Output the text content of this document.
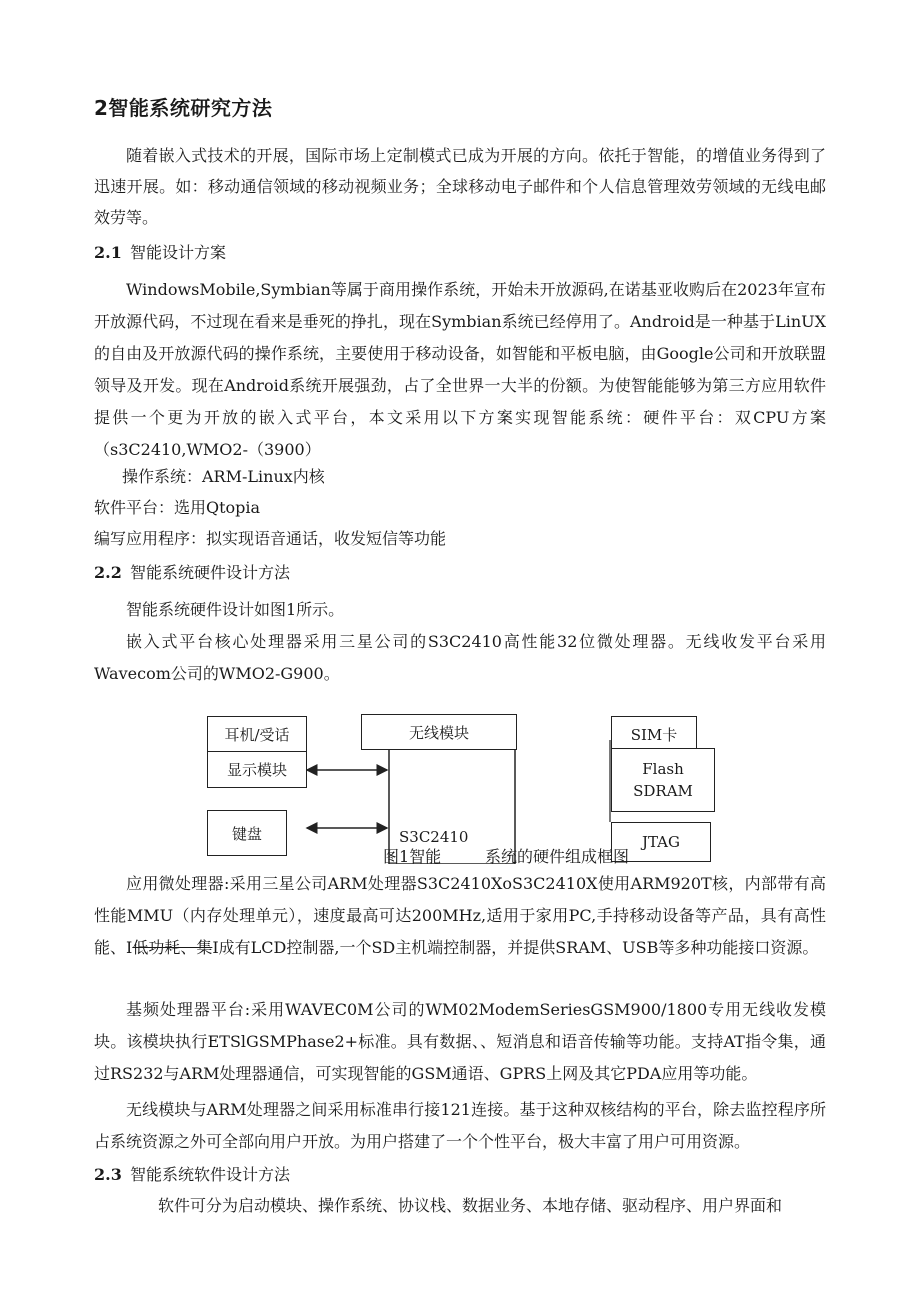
2智能系统研究方法

随着嵌入式技术的开展，国际市场上定制模式已成为开展的方向。依托于智能，的增值业务得到了迅速开展。如：移动通信领域的移动视频业务；全球移动电子邮件和个人信息管理效劳领域的无线电邮效劳等。

2.1 智能设计方案

WindowsMobile,Symbian等属于商用操作系统，开始未开放源码,在诺基亚收购后在2023年宣布开放源代码，不过现在看来是垂死的挣扎，现在Symbian系统已经停用了。Android是一种基于LinUX的自由及开放源代码的操作系统，主要使用于移动设备，如智能和平板电脑，由Google公司和开放联盟领导及开发。现在Android系统开展强劲，占了全世界一大半的份额。为使智能能够为第三方应用软件提供一个更为开放的嵌入式平台，本文采用以下方案实现智能系统：硬件平台：双CPU方案（s3C2410,WMO2-（3900）

操作系统：ARM-Linux内核

软件平台：选用Qtopia

编写应用程序：拟实现语音通话，收发短信等功能

2.2 智能系统硬件设计方法

智能系统硬件设计如图1所示。

嵌入式平台核心处理器采用三星公司的S3C2410高性能32位微处理器。无线收发平台采用Wavecom公司的WMO2-G900。

耳机/受话
显示模块
键盘
无线模块
S3C2410
SIM卡
Flash
SDRAM
JTAG
图1智能	系统的硬件组成框图

应用微处理器:采用三星公司ARM处理器S3C2410XoS3C2410X使用ARM920T核，内部带有高性能MMU（内存处理单元），速度最高可达200MHz,适用于家用PC,手持移动设备等产品，具有高性能、I低功耗、集I成有LCD控制器,一个SD主机端控制器，并提供SRAM、USB等多种功能接口资源。

基频处理器平台:采用WAVEC0M公司的WM02ModemSeriesGSM900/1800专用无线收发模块。该模块执行ETSlGSMPhase2+标准。具有数据、、短消息和语音传输等功能。支持AT指令集，通过RS232与ARM处理器通信，可实现智能的GSM通语、GPRS上网及其它PDA应用等功能。

无线模块与ARM处理器之间采用标准串行接121连接。基于这种双核结构的平台，除去监控程序所占系统资源之外可全部向用户开放。为用户搭建了一个个性平台，极大丰富了用户可用资源。

2.3 智能系统软件设计方法

软件可分为启动模块、操作系统、协议栈、数据业务、本地存储、驱动程序、用户界面和
